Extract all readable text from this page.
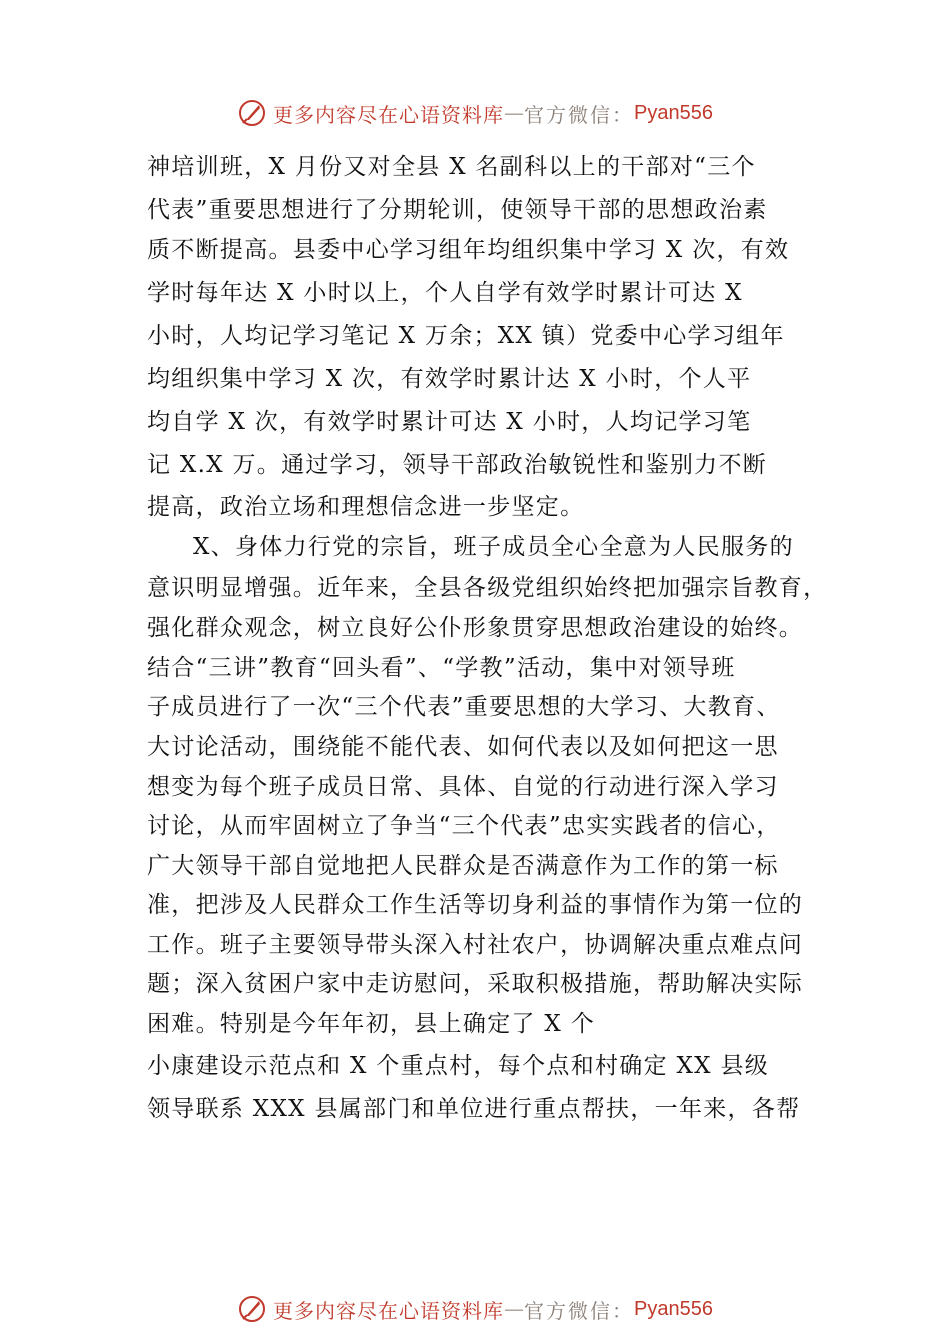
更多内容尽在心语资料库 — 官方微信： Pyan556
神培训班，X 月份又对全县 X 名副科以上的干部对“三个
代表”重要思想进行了分期轮训，使领导干部的思想政治素
质不断提高。县委中心学习组年均组织集中学习 X 次，有效
学时每年达 X 小时以上，个人自学有效学时累计可达 X
小时，人均记学习笔记 X 万余；XX 镇）党委中心学习组年
均组织集中学习 X 次，有效学时累计达 X 小时，个人平
均自学 X 次，有效学时累计可达 X 小时，人均记学习笔
记 X.X 万。通过学习，领导干部政治敏锐性和鉴别力不断
提高，政治立场和理想信念进一步坚定。
X、身体力行党的宗旨，班子成员全心全意为人民服务的
意识明显增强。近年来，全县各级党组织始终把加强宗旨教育，
强化群众观念，树立良好公仆形象贯穿思想政治建设的始终。
结合“三讲”教育“回头看”、“学教”活动，集中对领导班
子成员进行了一次“三个代表”重要思想的大学习、大教育、
大讨论活动，围绕能不能代表、如何代表以及如何把这一思
想变为每个班子成员日常、具体、自觉的行动进行深入学习
讨论，从而牢固树立了争当“三个代表”忠实实践者的信心，
广大领导干部自觉地把人民群众是否满意作为工作的第一标
准，把涉及人民群众工作生活等切身利益的事情作为第一位的
工作。班子主要领导带头深入村社农户，协调解决重点难点问
题；深入贫困户家中走访慰问，采取积极措施，帮助解决实际
困难。特别是今年年初，县上确定了 X 个
小康建设示范点和 X 个重点村，每个点和村确定 XX 县级
领导联系 XXX 县属部门和单位进行重点帮扶，一年来，各帮
更多内容尽在心语资料库 — 官方微信： Pyan556
